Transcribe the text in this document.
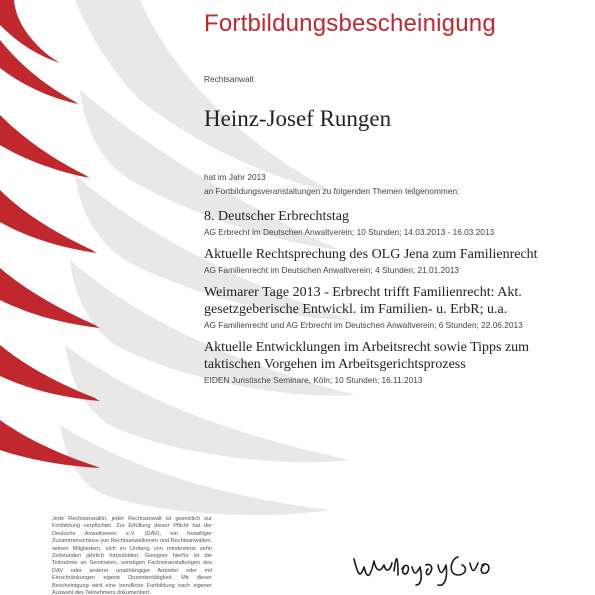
Fortbildungsbescheinigung
Rechtsanwalt
Heinz-Josef Rungen
hat im Jahr 2013
an Fortbildungsveranstaltungen zu folgenden Themen teilgenommen:
8. Deutscher Erbrechtstag
AG Erbrecht im Deutschen Anwaltverein; 10 Stunden; 14.03.2013 - 16.03.2013
Aktuelle Rechtsprechung des OLG Jena zum Familienrecht
AG Familienrecht im Deutschen Anwaltverein; 4 Stunden; 21.01.2013
Weimarer Tage 2013 - Erbrecht trifft Familienrecht: Akt. gesetzgeberische Entwickl. im Familien- u. ErbR; u.a.
AG Familienrecht und AG Erbrecht im Deutschen Anwaltverein; 6 Stunden; 22.06.2013
Aktuelle Entwicklungen im Arbeitsrecht sowie Tipps zum taktischen Vorgehen im Arbeitsgerichtsprozess
EIDEN Juristische Seminare, Köln; 10 Stunden; 16.11.2013
Jede Rechtsanwältin, jeder Rechtsanwalt ist gesetzlich zur Fortbildung verpflichtet. Zur Erfüllung dieser Pflicht hat der Deutsche Anwaltverein e.V. (DAV), ein freiwilliger Zusammenschluss von Rechtsanwältinnen und Rechtsanwälten, seinen Mitgliedern, sich im Umfang von mindestens zehn Zeitstunden jährlich fortzubilden. Geeignet hierfür ist die Teilnahme an Seminaren, sonstigen Fachveranstaltungen des DAV oder anderer unabhängiger Anbieter oder mit Einschränkungen eigene Dozententätigkeit. Mit dieser Bescheinigung wird eine berufliche Fortbildung nach eigener Auswahl des Teilnehmers dokumentiert.
